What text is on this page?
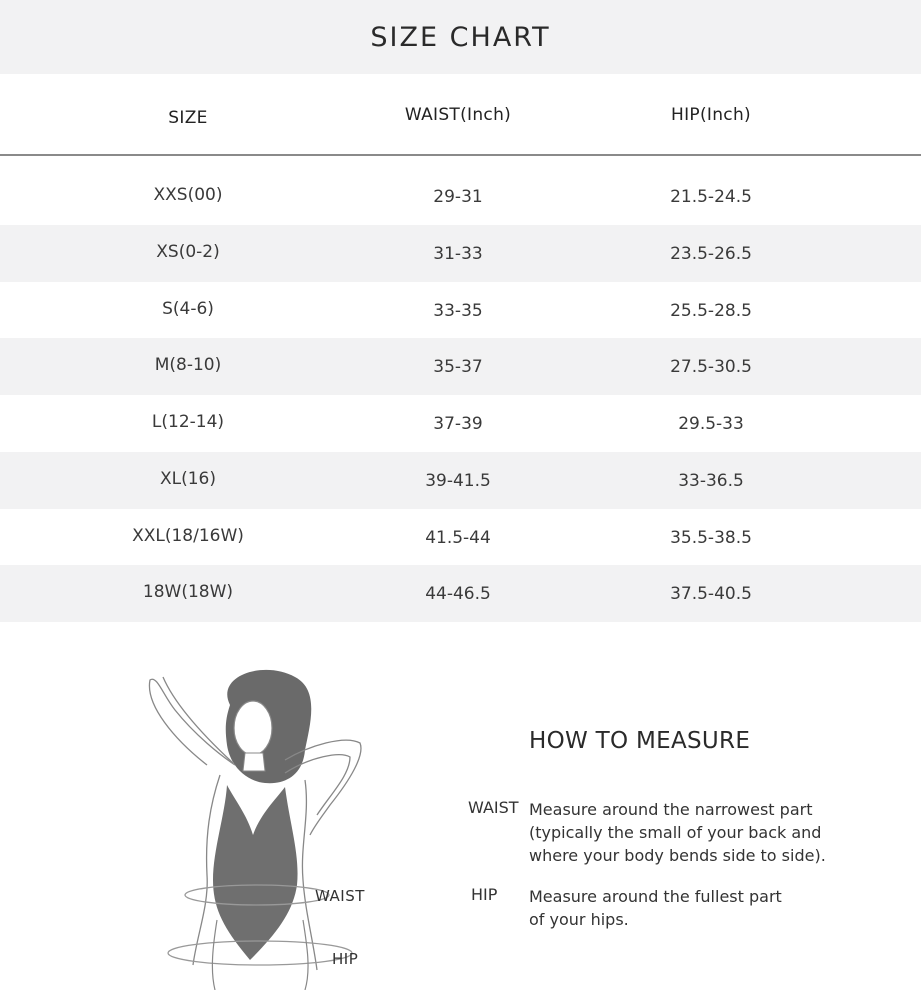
SIZE CHART
SIZE	WAIST(Inch)	HIP(Inch)
XXS(00)	29-31	21.5-24.5
XS(0-2)	31-33	23.5-26.5
S(4-6)	33-35	25.5-28.5
M(8-10)	35-37	27.5-30.5
L(12-14)	37-39	29.5-33
XL(16)	39-41.5	33-36.5
XXL(18/16W)	41.5-44	35.5-38.5
18W(18W)	44-46.5	37.5-40.5
WAIST
HIP
HOW TO MEASURE
WAIST Measure around the narrowest part (typically the small of your back and where your body bends side to side).
HIP Measure around the fullest part of your hips.
